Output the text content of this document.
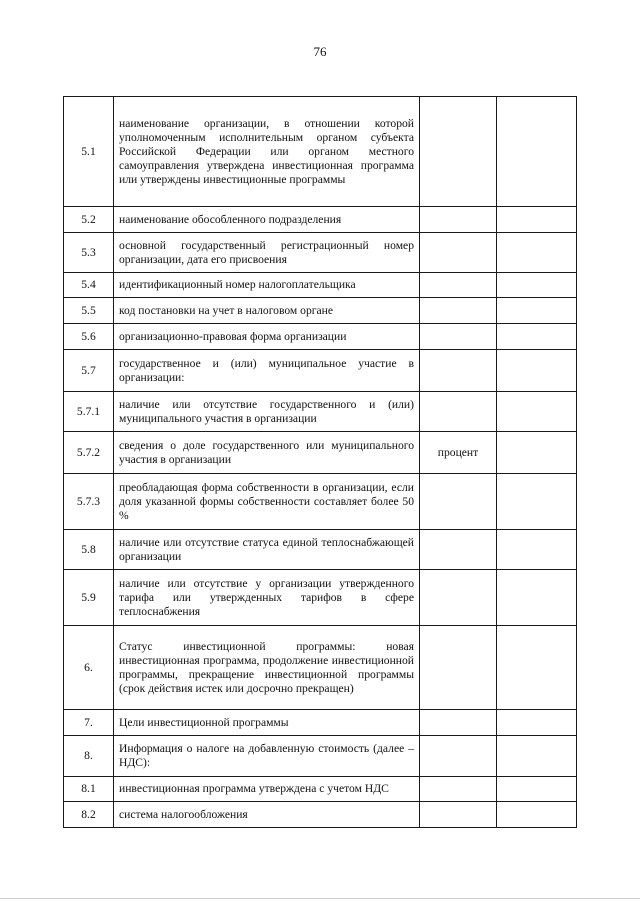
76
5.1	наименование организации, в отношении которой уполномоченным исполнительным органом субъекта Российской Федерации или органом местного самоуправления утверждена инвестиционная программа или утверждены инвестиционные программы		
5.2	наименование обособленного подразделения		
5.3	основной государственный регистрационный номер организации, дата его присвоения		
5.4	идентификационный номер налогоплательщика		
5.5	код постановки на учет в налоговом органе		
5.6	организационно-правовая форма организации		
5.7	государственное и (или) муниципальное участие в организации:		
5.7.1	наличие или отсутствие государственного и (или) муниципального участия в организации		
5.7.2	сведения о доле государственного или муниципального участия в организации	процент	
5.7.3	преобладающая форма собственности в организации, если доля указанной формы собственности составляет более 50 %		
5.8	наличие или отсутствие статуса единой теплоснабжающей организации		
5.9	наличие или отсутствие у организации утвержденного тарифа или утвержденных тарифов в сфере теплоснабжения		
6.	Статус инвестиционной программы: новая инвестиционная программа, продолжение инвестиционной программы, прекращение инвестиционной программы (срок действия истек или досрочно прекращен)		
7.	Цели инвестиционной программы		
8.	Информация о налоге на добавленную стоимость (далее – НДС):		
8.1	инвестиционная программа утверждена с учетом НДС		
8.2	система налогообложения		
